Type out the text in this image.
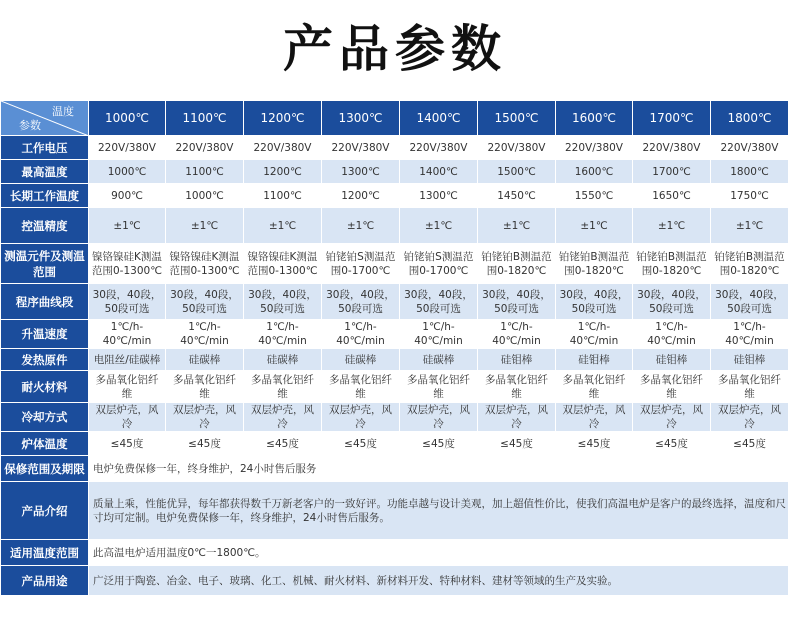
产品参数
温度
参数	1000℃	1100℃	1200℃	1300℃	1400℃	1500℃	1600℃	1700℃	1800℃
工作电压	220V/380V	220V/380V	220V/380V	220V/380V	220V/380V	220V/380V	220V/380V	220V/380V	220V/380V
最高温度	1000℃	1100℃	1200℃	1300℃	1400℃	1500℃	1600℃	1700℃	1800℃
长期工作温度	900℃	1000℃	1100℃	1200℃	1300℃	1450℃	1550℃	1650℃	1750℃
控温精度	±1℃	±1℃	±1℃	±1℃	±1℃	±1℃	±1℃	±1℃	±1℃
测温元件及测温范围	镍铬镍硅K测温范围0-1300℃	镍铬镍硅K测温范围0-1300℃	镍铬镍硅K测温范围0-1300℃	铂铑铂S测温范围0-1700℃	铂铑铂S测温范围0-1700℃	铂铑铂B测温范围0-1820℃	铂铑铂B测温范围0-1820℃	铂铑铂B测温范围0-1820℃	铂铑铂B测温范围0-1820℃
程序曲线段	30段，40段，50段可选	30段，40段，50段可选	30段，40段，50段可选	30段，40段，50段可选	30段，40段，50段可选	30段，40段，50段可选	30段，40段，50段可选	30段，40段，50段可选	30段，40段，50段可选
升温速度	1℃/h-40℃/min	1℃/h-40℃/min	1℃/h-40℃/min	1℃/h-40℃/min	1℃/h-40℃/min	1℃/h-40℃/min	1℃/h-40℃/min	1℃/h-40℃/min	1℃/h-40℃/min
发热原件	电阻丝/硅碳棒	硅碳棒	硅碳棒	硅碳棒	硅碳棒	硅钼棒	硅钼棒	硅钼棒	硅钼棒
耐火材料	多晶氧化铝纤维	多晶氧化铝纤维	多晶氧化铝纤维	多晶氧化铝纤维	多晶氧化铝纤维	多晶氧化铝纤维	多晶氧化铝纤维	多晶氧化铝纤维	多晶氧化铝纤维
冷却方式	双层炉壳，风冷	双层炉壳，风冷	双层炉壳，风冷	双层炉壳，风冷	双层炉壳，风冷	双层炉壳，风冷	双层炉壳，风冷	双层炉壳，风冷	双层炉壳，风冷
炉体温度	≤45度	≤45度	≤45度	≤45度	≤45度	≤45度	≤45度	≤45度	≤45度
保修范围及期限	电炉免费保修一年，终身维护，24小时售后服务								
产品介绍	质量上乘，性能优异，每年都获得数千万新老客户的一致好评。功能卓越与设计美观，加上超值性价比，使我们高温电炉是客户的最终选择，温度和尺寸均可定制。电炉免费保修一年，终身维护，24小时售后服务。								
适用温度范围	此高温电炉适用温度0℃一1800℃。								
产品用途	广泛用于陶瓷、冶金、电子、玻璃、化工、机械、耐火材料、新材料开发、特种材料、建材等领域的生产及实验。								
